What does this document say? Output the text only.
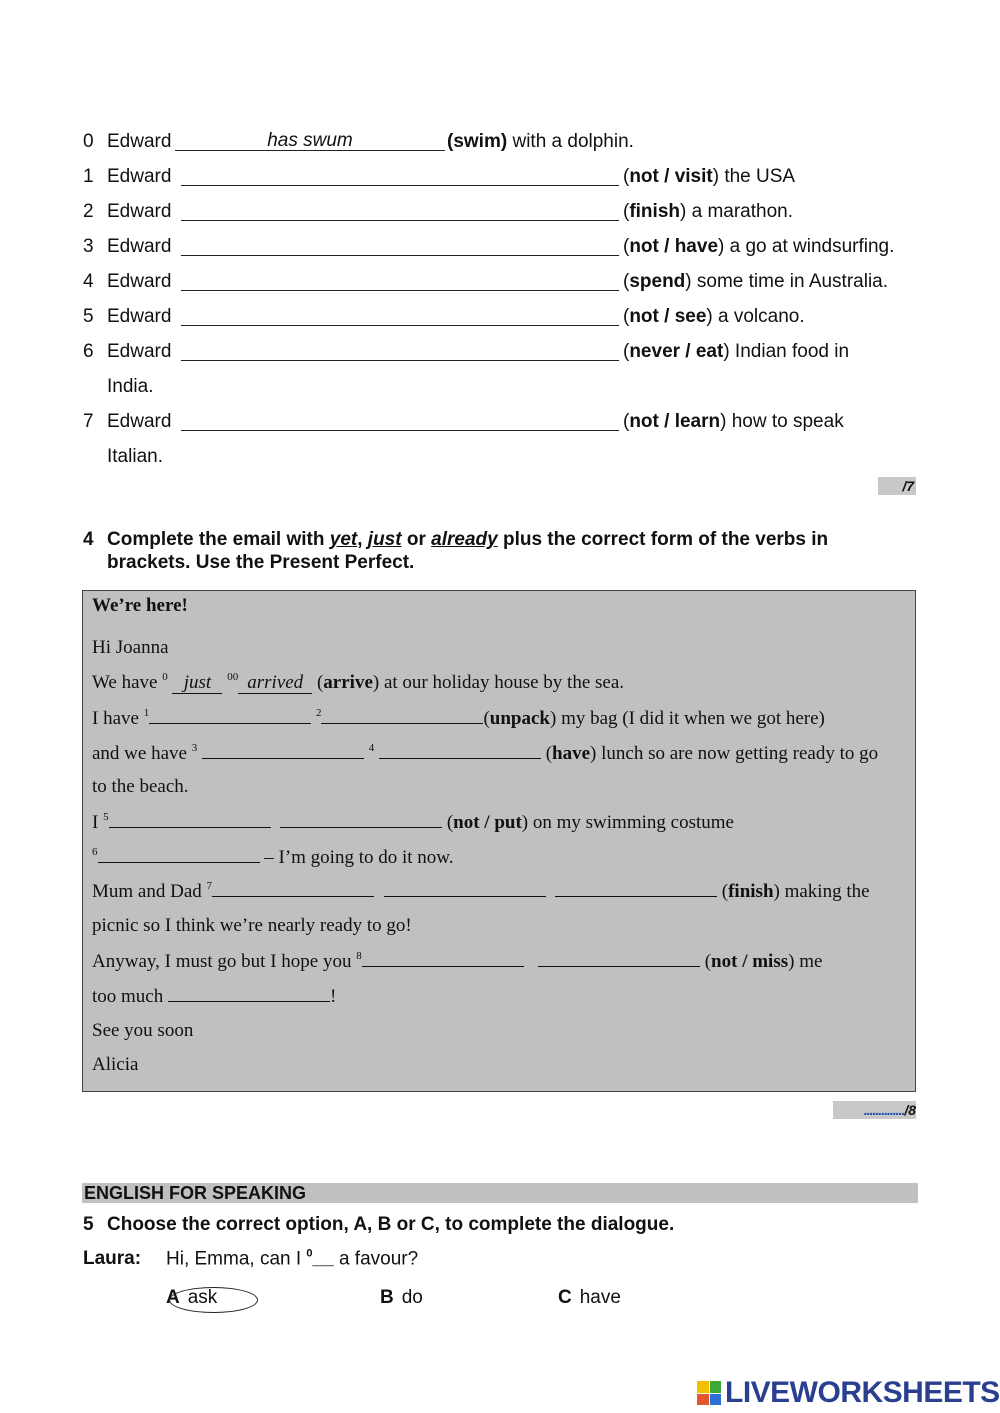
0 Edward	has swum	(swim) with a dolphin.
1 Edward	(not / visit) the USA
2 Edward	(finish) a marathon.
3 Edward	(not / have) a go at windsurfing.
4 Edward	(spend) some time in Australia.
5 Edward	(not / see) a volcano.
6 Edward	(never / eat) Indian food in
India.
7 Edward	(not / learn) how to speak
Italian.
/7
4 Complete the email with yet, just or already plus the correct form of the verbs in brackets. Use the Present Perfect.
We’re here!
Hi Joanna
We have $^0$ just $^{00}$ arrived (arrive) at our holiday house by the sea.
I have $^1$	$^2$	(unpack) my bag (I did it when we got here)
and we have $^3$	$^4$	(have) lunch so are now getting ready to go
to the beach.
I $^5$	(not / put) on my swimming costume
$^6$	– I’m going to do it now.
Mum and Dad $^7$	(finish) making the
picnic so I think we’re nearly ready to go!
Anyway, I must go but I hope you $^8$	(not / miss) me
too much	!
See you soon
Alicia
............../8
ENGLISH FOR SPEAKING
5 Choose the correct option, A, B or C, to complete the dialogue.
Laura: Hi, Emma, can I $^0$__ a favour?
A ask	B do	C have
LIVEWORKSHEETS
